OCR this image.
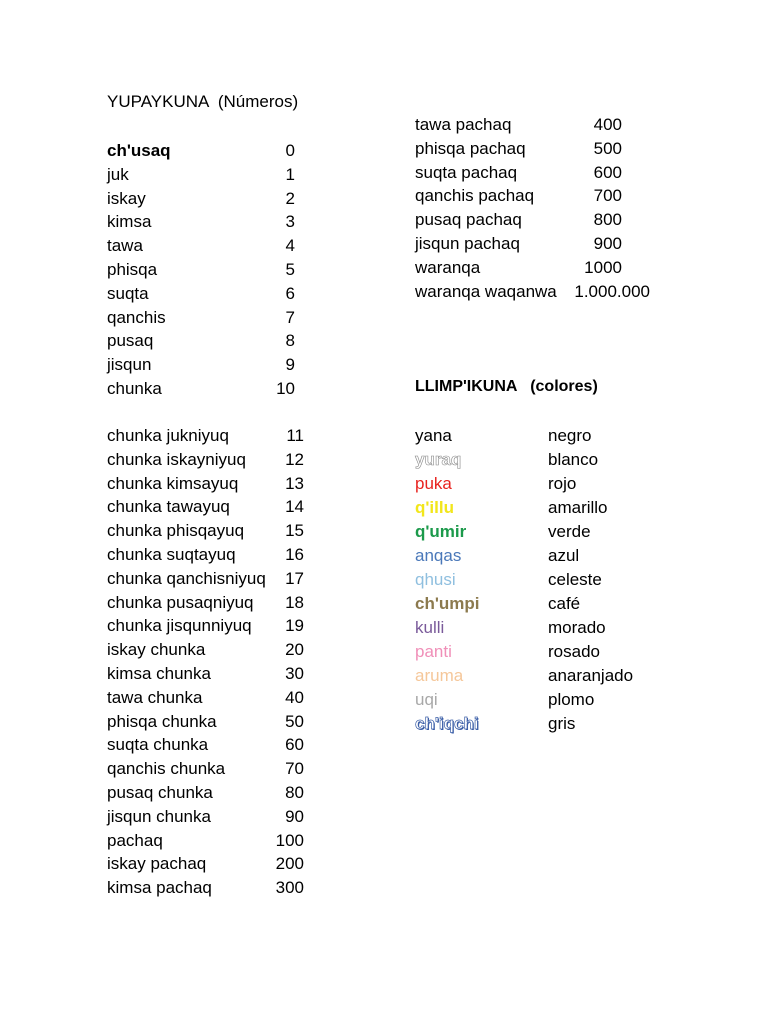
YUPAYKUNA  (Números)
ch'usaq	0
juk	1
iskay	2
kimsa	3
tawa	4
phisqa	5
suqta	6
qanchis	7
pusaq	8
jisqun	9
chunka	10
chunka jukniyuq	11
chunka iskayniyuq 12
chunka kimsayuq	13
chunka tawayuq	14
chunka phisqayuq 15
chunka suqtayuq	16
chunka qanchisniyuq 17
chunka pusaqniyuq 18
chunka jisqunniyuq 19
iskay chunka	20
kimsa chunka	30
tawa chunka	40
phisqa chunka	50
suqta chunka	60
qanchis chunka	70
pusaq chunka	80
jisqun chunka	90
pachaq	100
iskay pachaq	200
kimsa pachaq	300
tawa pachaq	400
phisqa pachaq	500
suqta pachaq	600
qanchis pachaq	700
pusaq pachaq	800
jisqun pachaq	900
waranqa	1000
waranqa waqanwa 1.000.000
LLIMP'IKUNA   (colores)
yana	negro
yuraq	blanco
puka	rojo
q'illu	amarillo
q'umir	verde
anqas	azul
qhusi	celeste
ch'umpi	café
kulli	morado
panti	rosado
aruma	anaranjado
uqi	plomo
ch'iqchi	gris
